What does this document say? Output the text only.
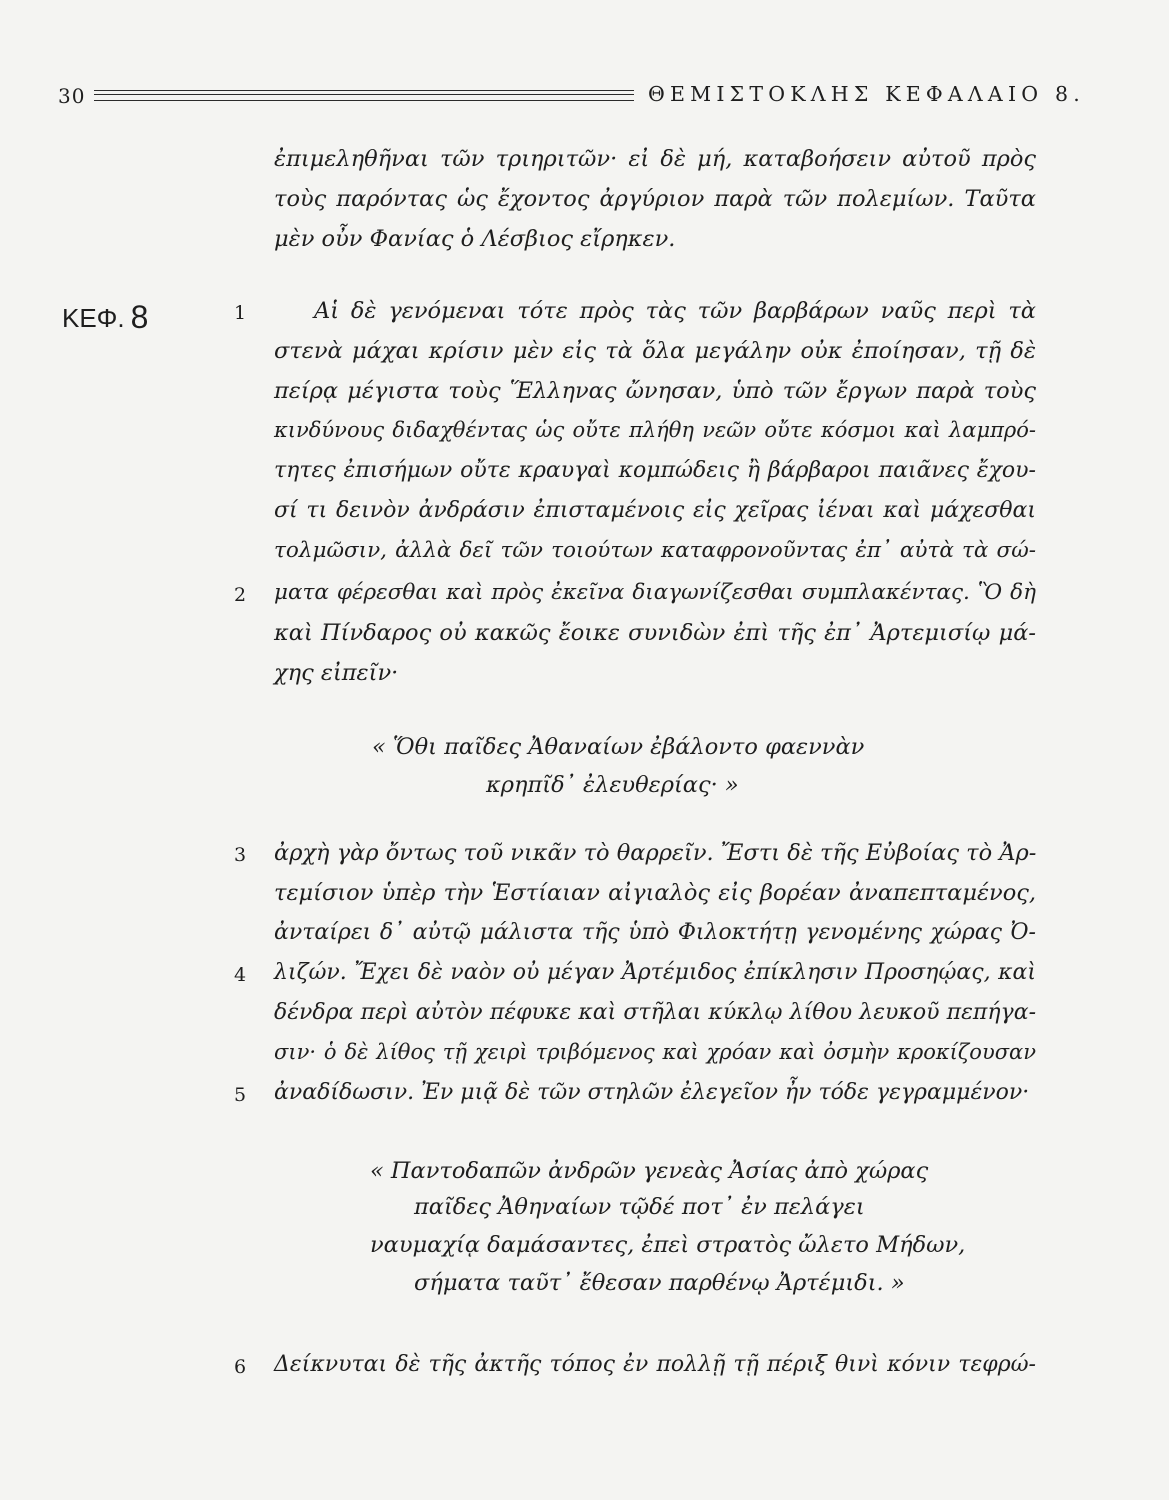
30	ΘΕΜΙΣΤΟΚΛΗΣ ΚΕΦΑΛΑΙΟ 8.
ΚΕΦ. 8
ἐπιμεληθῆναι τῶν τριηριτῶν· εἰ δὲ μή, καταβοήσειν αὐτοῦ πρὸς
τοὺς παρόντας ὡς ἔχοντος ἀργύριον παρὰ τῶν πολεμίων. Ταῦτα
μὲν οὖν Φανίας ὁ Λέσβιος εἴρηκεν.
1	Αἱ δὲ γενόμεναι τότε πρὸς τὰς τῶν βαρβάρων ναῦς περὶ τὰ
στενὰ μάχαι κρίσιν μὲν εἰς τὰ ὅλα μεγάλην οὐκ ἐποίησαν, τῇ δὲ
πείρᾳ μέγιστα τοὺς Ἕλληνας ὤνησαν, ὑπὸ τῶν ἔργων παρὰ τοὺς
κινδύνους διδαχθέντας ὡς οὔτε πλήθη νεῶν οὔτε κόσμοι καὶ λαμπρό-
τητες ἐπισήμων οὔτε κραυγαὶ κομπώδεις ἢ βάρβαροι παιᾶνες ἔχου-
σί τι δεινὸν ἀνδράσιν ἐπισταμένοις εἰς χεῖρας ἰέναι καὶ μάχεσθαι
τολμῶσιν, ἀλλὰ δεῖ τῶν τοιούτων καταφρονοῦντας ἐπ᾿ αὐτὰ τὰ σώ-
2 ματα φέρεσθαι καὶ πρὸς ἐκεῖνα διαγωνίζεσθαι συμπλακέντας. Ὃ δὴ
καὶ Πίνδαρος οὐ κακῶς ἔοικε συνιδὼν ἐπὶ τῆς ἐπ᾿ Ἀρτεμισίῳ μά-
χης εἰπεῖν·
« Ὅθι παῖδες Ἀθαναίων ἐβάλοντο φαεννὰν
κρηπῖδ᾿ ἐλευθερίας· »
3 ἀρχὴ γὰρ ὄντως τοῦ νικᾶν τὸ θαρρεῖν. Ἔστι δὲ τῆς Εὐβοίας τὸ Ἀρ-
τεμίσιον ὑπὲρ τὴν Ἑστίαιαν αἰγιαλὸς εἰς βορέαν ἀναπεπταμένος,
ἀνταίρει δ᾿ αὐτῷ μάλιστα τῆς ὑπὸ Φιλοκτήτῃ γενομένης χώρας Ὀ-
4 λιζών. Ἔχει δὲ ναὸν οὐ μέγαν Ἀρτέμιδος ἐπίκλησιν Προσηῴας, καὶ
δένδρα περὶ αὐτὸν πέφυκε καὶ στῆλαι κύκλῳ λίθου λευκοῦ πεπήγα-
σιν· ὁ δὲ λίθος τῇ χειρὶ τριβόμενος καὶ χρόαν καὶ ὀσμὴν κροκίζουσαν
5 ἀναδίδωσιν. Ἐν μιᾷ δὲ τῶν στηλῶν ἐλεγεῖον ἦν τόδε γεγραμμένον·
« Παντοδαπῶν ἀνδρῶν γενεὰς Ἀσίας ἀπὸ χώρας
παῖδες Ἀθηναίων τῷδέ ποτ᾿ ἐν πελάγει
ναυμαχίᾳ δαμάσαντες, ἐπεὶ στρατὸς ὤλετο Μήδων,
σήματα ταῦτ᾿ ἔθεσαν παρθένῳ Ἀρτέμιδι. »
6 Δείκνυται δὲ τῆς ἀκτῆς τόπος ἐν πολλῇ τῇ πέριξ θινὶ κόνιν τεφρώ-
